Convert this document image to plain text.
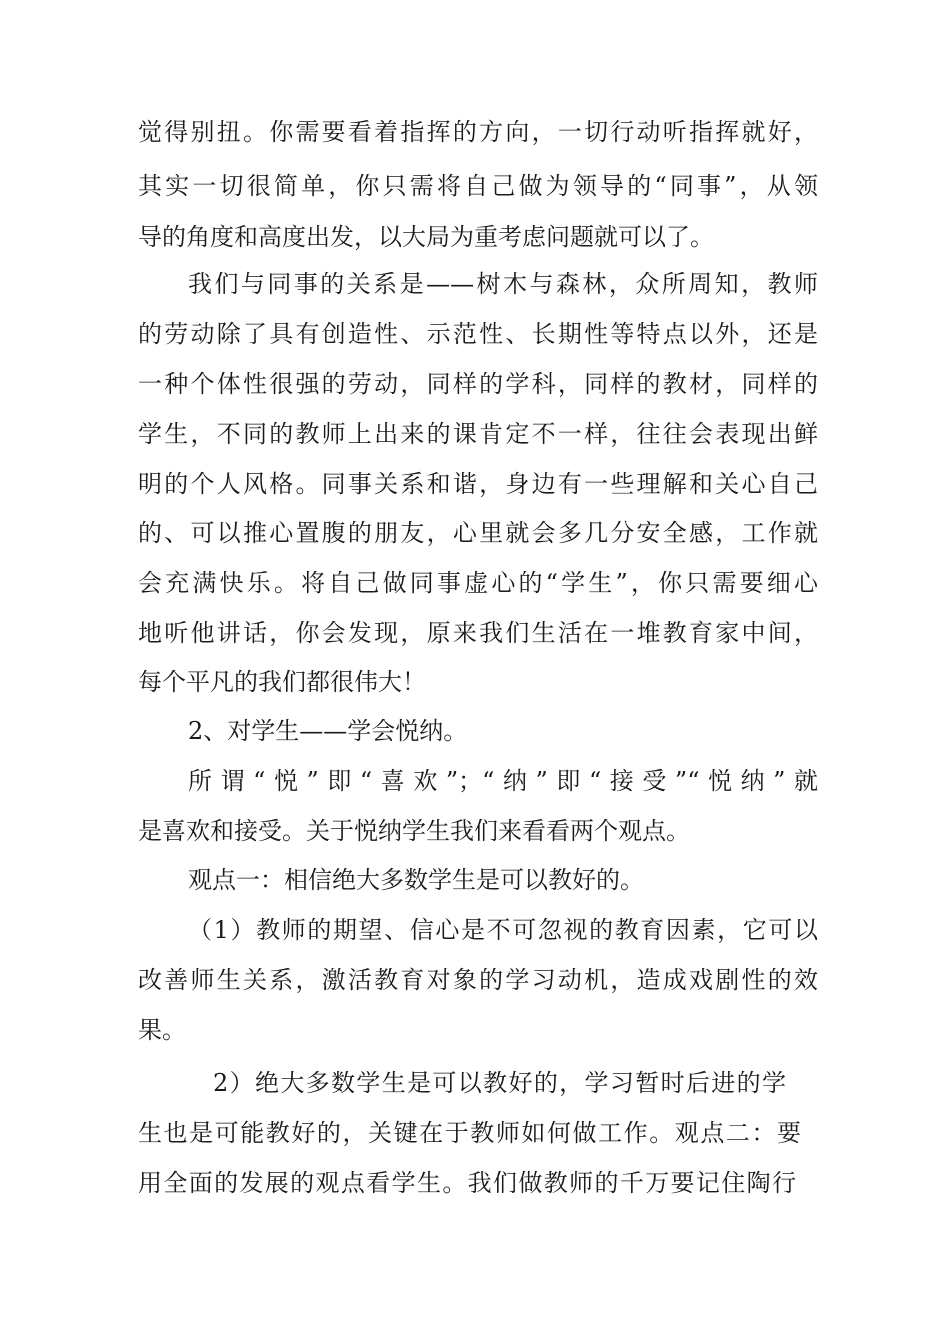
觉得别扭。你需要看着指挥的方向，一切行动听指挥就好，
其实一切很简单，你只需将自己做为领导的“同事”，从领
导的角度和高度出发，以大局为重考虑问题就可以了。
我们与同事的关系是——树木与森林，众所周知，教师
的劳动除了具有创造性、示范性、长期性等特点以外，还是
一种个体性很强的劳动，同样的学科，同样的教材，同样的
学生，不同的教师上出来的课肯定不一样，往往会表现出鲜
明的个人风格。同事关系和谐，身边有一些理解和关心自己
的、可以推心置腹的朋友，心里就会多几分安全感，工作就
会充满快乐。将自己做同事虚心的“学生”，你只需要细心
地听他讲话，你会发现，原来我们生活在一堆教育家中间，
每个平凡的我们都很伟大！
2、对学生——学会悦纳。
所谓“悦”即“喜欢”；“纳”即“接受”“悦纳”就
是喜欢和接受。关于悦纳学生我们来看看两个观点。
观点一：相信绝大多数学生是可以教好的。
（1）教师的期望、信心是不可忽视的教育因素，它可以
改善师生关系，激活教育对象的学习动机，造成戏剧性的效
果。
2）绝大多数学生是可以教好的，学习暂时后进的学
生也是可能教好的，关键在于教师如何做工作。观点二：要
用全面的发展的观点看学生。我们做教师的千万要记住陶行
